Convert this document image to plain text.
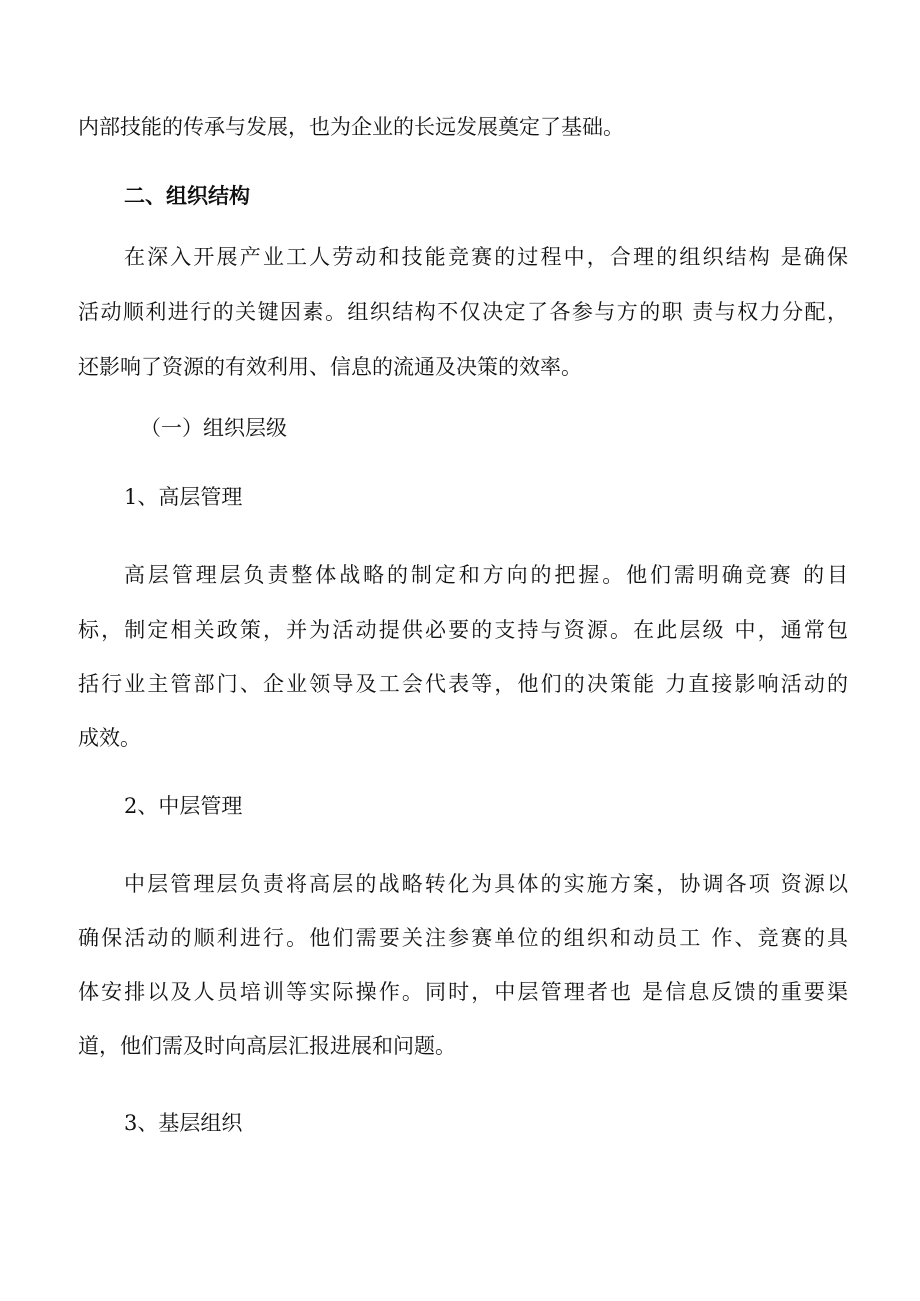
内部技能的传承与发展，也为企业的长远发展奠定了基础。
二、组织结构
在深入开展产业工人劳动和技能竞赛的过程中，合理的组织结构 是确保
活动顺利进行的关键因素。组织结构不仅决定了各参与方的职 责与权力分配，
还影响了资源的有效利用、信息的流通及决策的效率。
（一）组织层级
1、高层管理
高层管理层负责整体战略的制定和方向的把握。他们需明确竞赛 的目
标，制定相关政策，并为活动提供必要的支持与资源。在此层级 中，通常包
括行业主管部门、企业领导及工会代表等，他们的决策能 力直接影响活动的
成效。
2、中层管理
中层管理层负责将高层的战略转化为具体的实施方案，协调各项 资源以
确保活动的顺利进行。他们需要关注参赛单位的组织和动员工 作、竞赛的具
体安排以及人员培训等实际操作。同时，中层管理者也 是信息反馈的重要渠
道，他们需及时向高层汇报进展和问题。
3、基层组织
